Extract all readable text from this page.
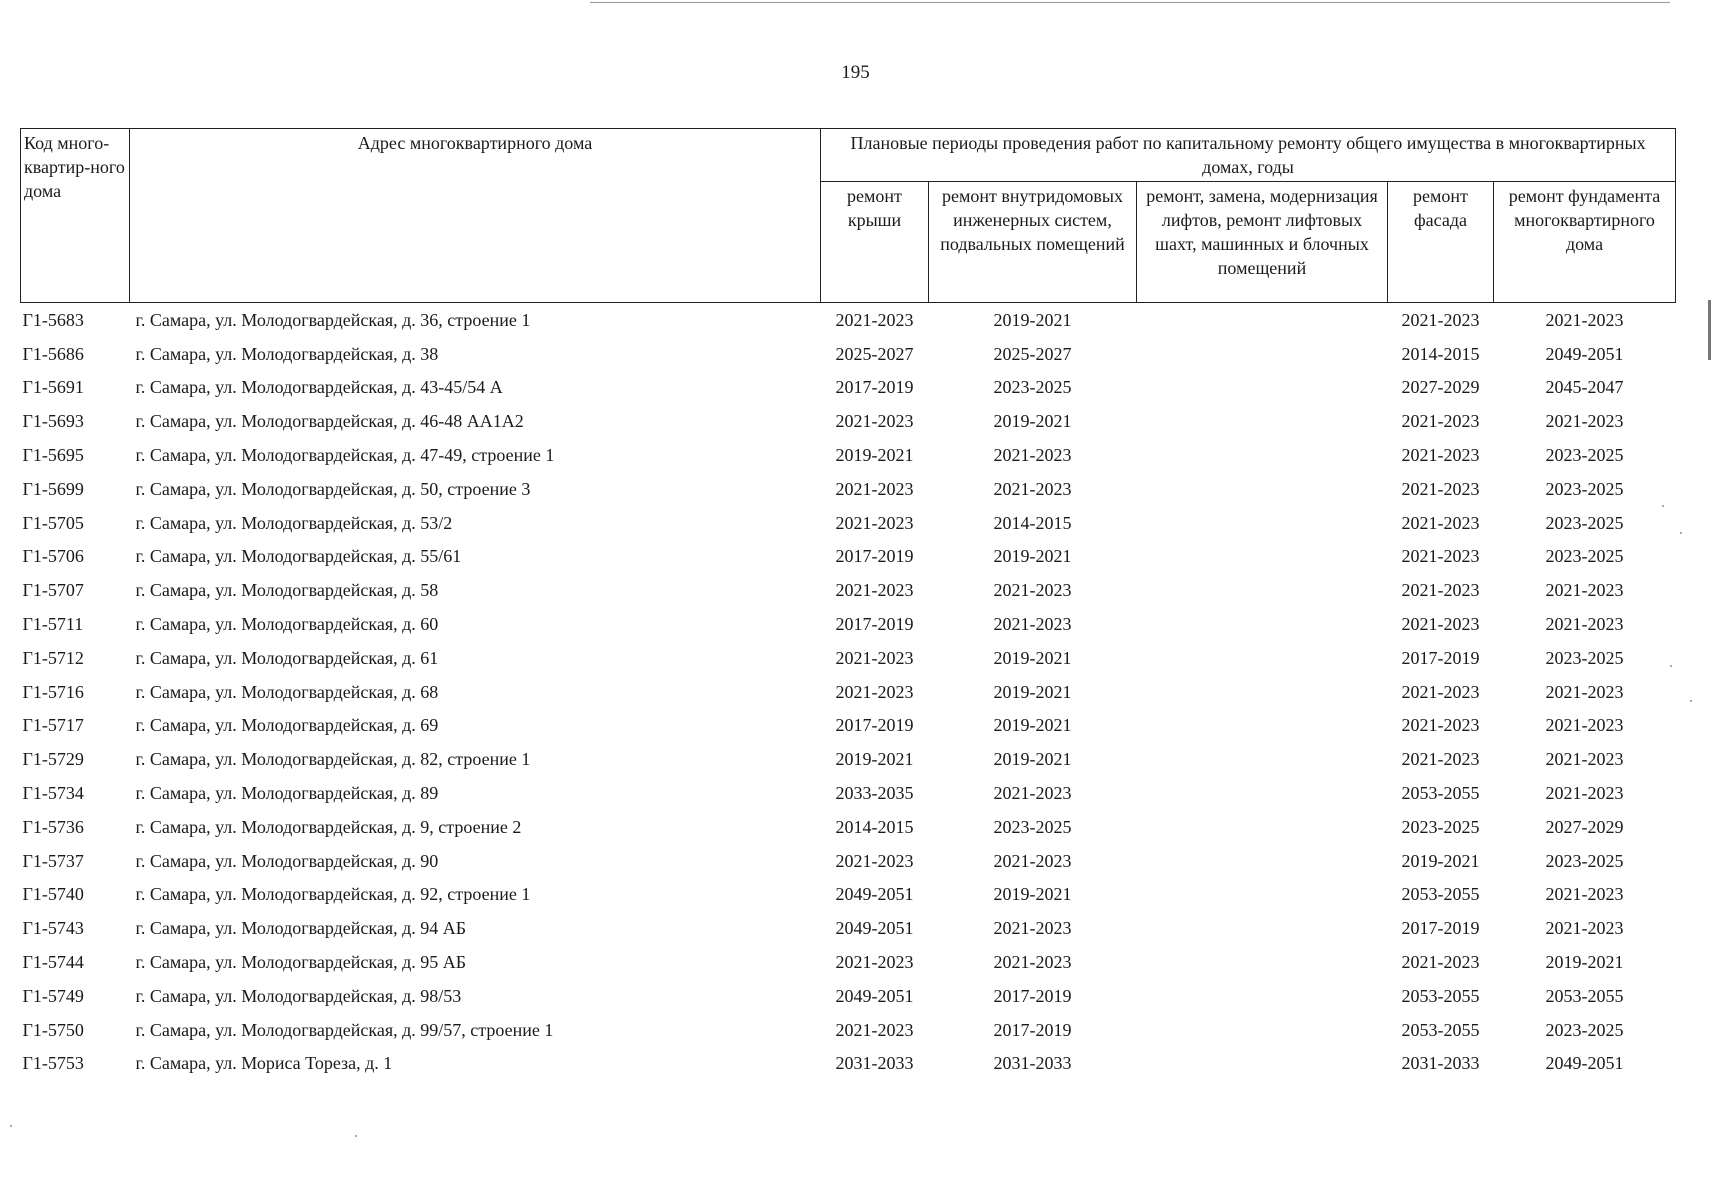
195
Код много-квартир-ного дома	Адрес многоквартирного дома	Плановые периоды проведения работ по капитальному ремонту общего имущества в многоквартирных домах, годы				
		ремонт крыши	ремонт внутридомовых инженерных систем, подвальных помещений	ремонт, замена, модернизация лифтов, ремонт лифтовых шахт, машинных и блочных помещений	ремонт фасада	ремонт фундамента многоквартирного дома
Г1-5683	г. Самара, ул. Молодогвардейская, д. 36, строение 1	2021-2023	2019-2021		2021-2023	2021-2023
Г1-5686	г. Самара, ул. Молодогвардейская, д. 38	2025-2027	2025-2027		2014-2015	2049-2051
Г1-5691	г. Самара, ул. Молодогвардейская, д. 43-45/54 А	2017-2019	2023-2025		2027-2029	2045-2047
Г1-5693	г. Самара, ул. Молодогвардейская, д. 46-48 АА1А2	2021-2023	2019-2021		2021-2023	2021-2023
Г1-5695	г. Самара, ул. Молодогвардейская, д. 47-49, строение 1	2019-2021	2021-2023		2021-2023	2023-2025
Г1-5699	г. Самара, ул. Молодогвардейская, д. 50, строение 3	2021-2023	2021-2023		2021-2023	2023-2025
Г1-5705	г. Самара, ул. Молодогвардейская, д. 53/2	2021-2023	2014-2015		2021-2023	2023-2025
Г1-5706	г. Самара, ул. Молодогвардейская, д. 55/61	2017-2019	2019-2021		2021-2023	2023-2025
Г1-5707	г. Самара, ул. Молодогвардейская, д. 58	2021-2023	2021-2023		2021-2023	2021-2023
Г1-5711	г. Самара, ул. Молодогвардейская, д. 60	2017-2019	2021-2023		2021-2023	2021-2023
Г1-5712	г. Самара, ул. Молодогвардейская, д. 61	2021-2023	2019-2021		2017-2019	2023-2025
Г1-5716	г. Самара, ул. Молодогвардейская, д. 68	2021-2023	2019-2021		2021-2023	2021-2023
Г1-5717	г. Самара, ул. Молодогвардейская, д. 69	2017-2019	2019-2021		2021-2023	2021-2023
Г1-5729	г. Самара, ул. Молодогвардейская, д. 82, строение 1	2019-2021	2019-2021		2021-2023	2021-2023
Г1-5734	г. Самара, ул. Молодогвардейская, д. 89	2033-2035	2021-2023		2053-2055	2021-2023
Г1-5736	г. Самара, ул. Молодогвардейская, д. 9, строение 2	2014-2015	2023-2025		2023-2025	2027-2029
Г1-5737	г. Самара, ул. Молодогвардейская, д. 90	2021-2023	2021-2023		2019-2021	2023-2025
Г1-5740	г. Самара, ул. Молодогвардейская, д. 92, строение 1	2049-2051	2019-2021		2053-2055	2021-2023
Г1-5743	г. Самара, ул. Молодогвардейская, д. 94 АБ	2049-2051	2021-2023		2017-2019	2021-2023
Г1-5744	г. Самара, ул. Молодогвардейская, д. 95 АБ	2021-2023	2021-2023		2021-2023	2019-2021
Г1-5749	г. Самара, ул. Молодогвардейская, д. 98/53	2049-2051	2017-2019		2053-2055	2053-2055
Г1-5750	г. Самара, ул. Молодогвардейская, д. 99/57, строение 1	2021-2023	2017-2019		2053-2055	2023-2025
Г1-5753	г. Самара, ул. Мориса Тореза, д. 1	2031-2033	2031-2033		2031-2033	2049-2051
